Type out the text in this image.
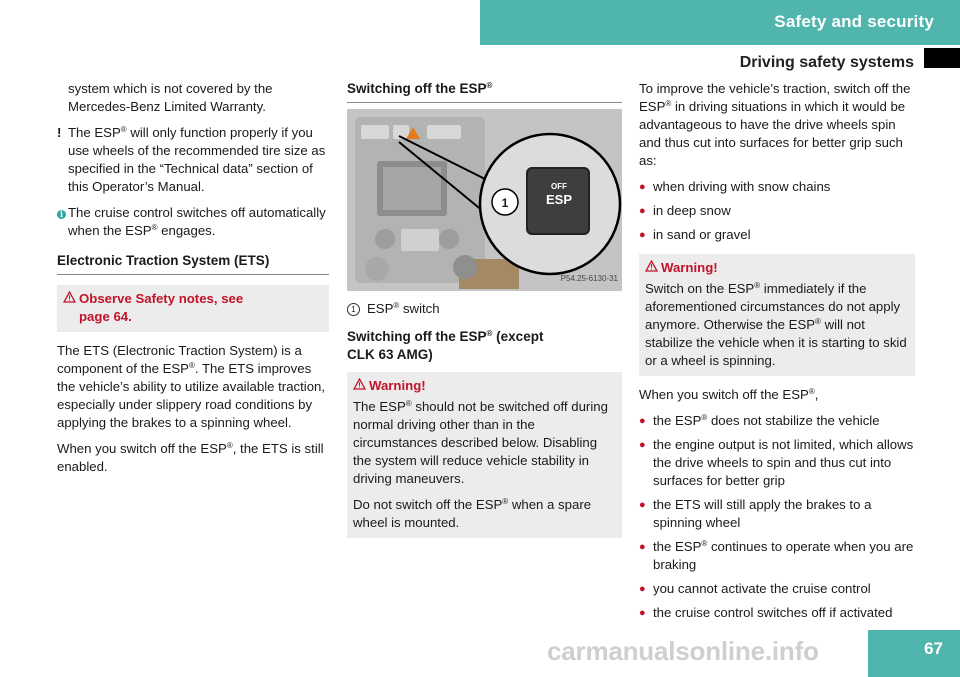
Safety and security
Driving safety systems
system which is not covered by the
Mercedes-Benz Limited Warranty.
! The ESP® will only function properly if you use wheels of the recommended tire size as specified in the “Technical data” section of this Operator’s Manual.
i The cruise control switches off automatically when the ESP® engages.
Electronic Traction System (ETS)
Observe Safety notes, see
page 64.
The ETS (Electronic Traction System) is a component of the ESP®. The ETS improves the vehicle’s ability to utilize available traction, especially under slippery road conditions by applying the brakes to a spinning wheel.
When you switch off the ESP®, the ETS is still enabled.
Switching off the ESP®
OFF
ESP
1
P54.25-6130-31
1 ESP® switch
Switching off the ESP® (except
CLK 63 AMG)
Warning!
The ESP® should not be switched off during normal driving other than in the circumstances described below. Disabling the system will reduce vehicle stability in driving maneuvers.
Do not switch off the ESP® when a spare wheel is mounted.
To improve the vehicle’s traction, switch off the ESP® in driving situations in which it would be advantageous to have the drive wheels spin and thus cut into surfaces for better grip such as:
● when driving with snow chains
● in deep snow
● in sand or gravel
Warning!
Switch on the ESP® immediately if the aforementioned circumstances do not apply anymore. Otherwise the ESP® will not stabilize the vehicle when it is starting to skid or a wheel is spinning.
When you switch off the ESP®,
● the ESP® does not stabilize the vehicle
● the engine output is not limited, which allows the drive wheels to spin and thus cut into surfaces for better grip
● the ETS will still apply the brakes to a spinning wheel
● the ESP® continues to operate when you are braking
● you cannot activate the cruise control
● the cruise control switches off if activated
carmanualsonline.info	67
